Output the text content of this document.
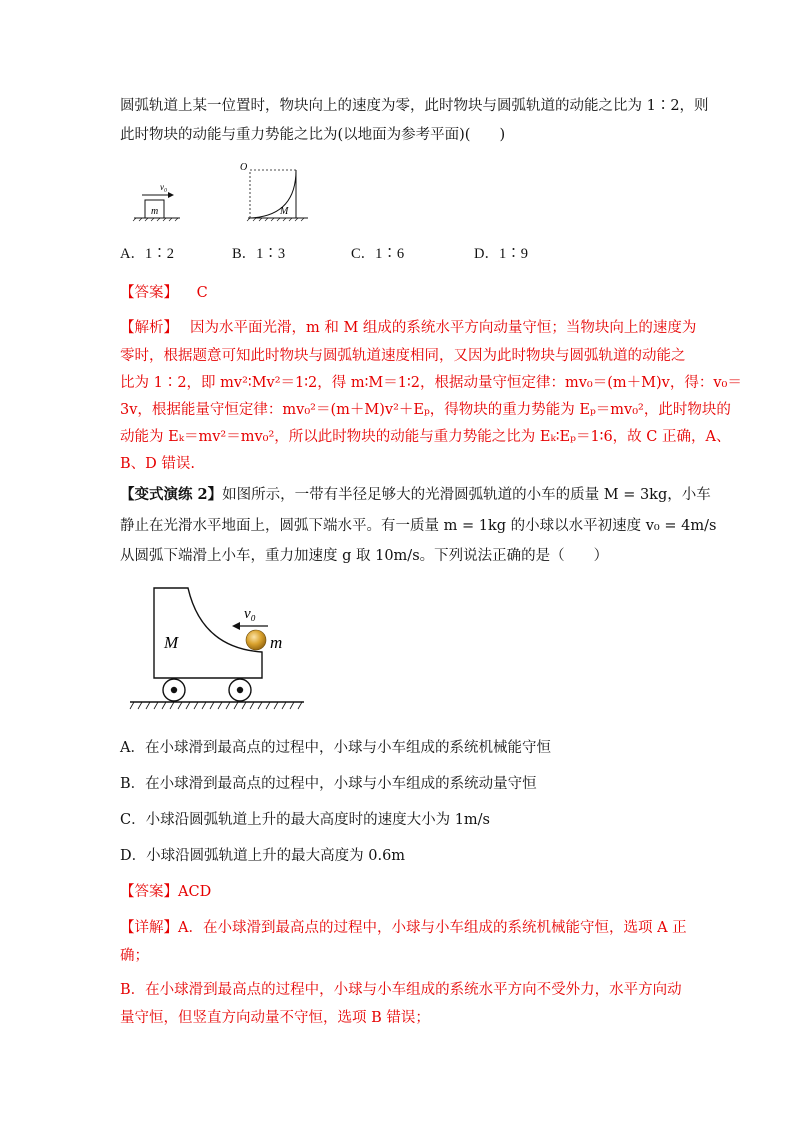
圆弧轨道上某一位置时，物块向上的速度为零，此时物块与圆弧轨道的动能之比为 1∶2，则
此时物块的动能与重力势能之比为(以地面为参考平面)(　　)
m
v₀
O
M
A．1∶2	B．1∶3	C．1∶6	D．1∶9
【答案】 C
【解析】 因为水平面光滑，m 和 M 组成的系统水平方向动量守恒；当物块向上的速度为
零时，根据题意可知此时物块与圆弧轨道速度相同，又因为此时物块与圆弧轨道的动能之
比为 1∶2，即 mv²∶Mv²＝1∶2，得 m∶M＝1∶2，根据动量守恒定律：mv₀＝(m＋M)v，得：v₀＝
3v，根据能量守恒定律：mv₀²＝(m＋M)v²＋Eₚ，得物块的重力势能为 Eₚ＝mv₀²，此时物块的
动能为 Eₖ＝mv²＝mv₀²，所以此时物块的动能与重力势能之比为 Eₖ∶Eₚ＝1∶6，故 C 正确，A、
B、D 错误.
【变式演练 2】如图所示，一带有半径足够大的光滑圆弧轨道的小车的质量 M = 3kg，小车
静止在光滑水平地面上，圆弧下端水平。有一质量 m = 1kg 的小球以水平初速度 v₀ = 4m/s
从圆弧下端滑上小车，重力加速度 g 取 10m/s。下列说法正确的是（　　）
M	m
v₀
A．在小球滑到最高点的过程中，小球与小车组成的系统机械能守恒
B．在小球滑到最高点的过程中，小球与小车组成的系统动量守恒
C．小球沿圆弧轨道上升的最大高度时的速度大小为 1m/s
D．小球沿圆弧轨道上升的最大高度为 0.6m
【答案】ACD
【详解】A．在小球滑到最高点的过程中，小球与小车组成的系统机械能守恒，选项 A 正
确；
B．在小球滑到最高点的过程中，小球与小车组成的系统水平方向不受外力，水平方向动
量守恒，但竖直方向动量不守恒，选项 B 错误；
